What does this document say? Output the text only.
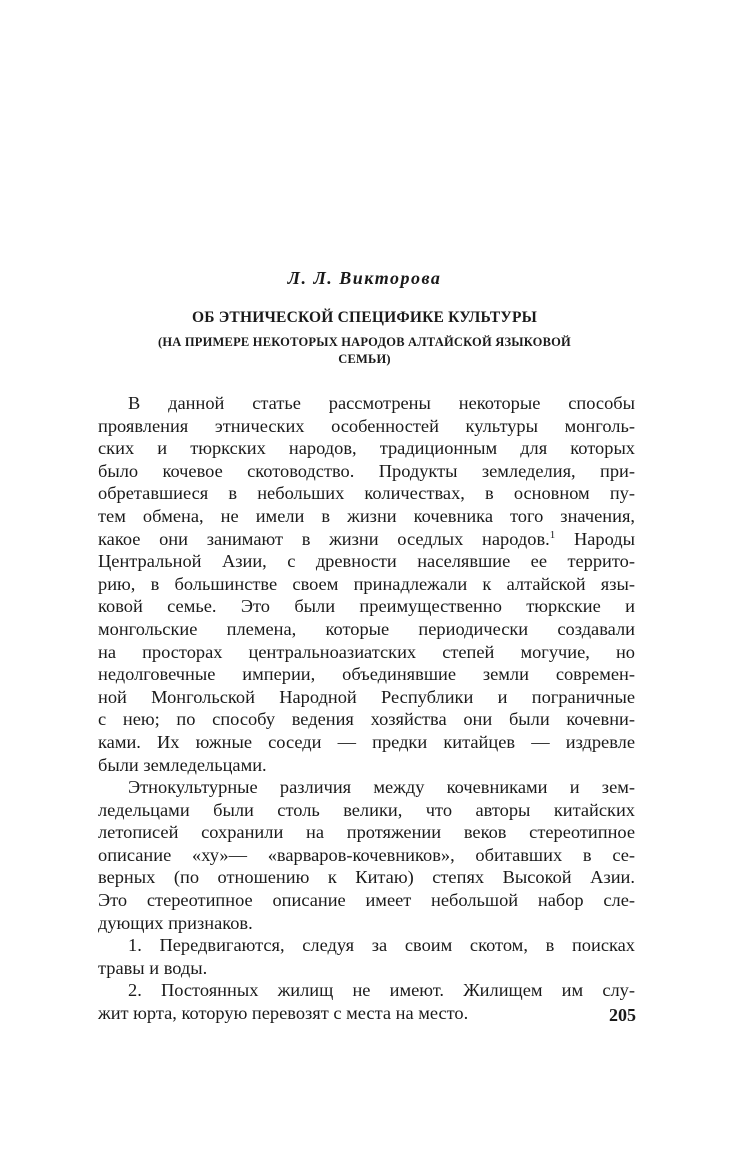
Л. Л. Викторова
ОБ ЭТНИЧЕСКОЙ СПЕЦИФИКЕ КУЛЬТУРЫ
(НА ПРИМЕРЕ НЕКОТОРЫХ НАРОДОВ АЛТАЙСКОЙ ЯЗЫКОВОЙ
СЕМЬИ)
В данной статье рассмотрены некоторые способы
проявления этнических особенностей культуры монголь-
ских и тюркских народов, традиционным для которых
было кочевое скотоводство. Продукты земледелия, при-
обретавшиеся в небольших количествах, в основном пу-
тем обмена, не имели в жизни кочевника того значения,
какое они занимают в жизни оседлых народов.$^1$ Народы
Центральной Азии, с древности населявшие ее террито-
рию, в большинстве своем принадлежали к алтайской язы-
ковой семье. Это были преимущественно тюркские и
монгольские племена, которые периодически создавали
на просторах центральноазиатских степей могучие, но
недолговечные империи, объединявшие земли современ-
ной Монгольской Народной Республики и пограничные
с нею; по способу ведения хозяйства они были кочевни-
ками. Их южные соседи — предки китайцев — издревле
были земледельцами.
Этнокультурные различия между кочевниками и зем-
ледельцами были столь велики, что авторы китайских
летописей сохранили на протяжении веков стереотипное
описание «ху»— «варваров-кочевников», обитавших в се-
верных (по отношению к Китаю) степях Высокой Азии.
Это стереотипное описание имеет небольшой набор сле-
дующих признаков.
1. Передвигаются, следуя за своим скотом, в поисках
травы и воды.
2. Постоянных жилищ не имеют. Жилищем им слу-
жит юрта, которую перевозят с места на место.	205
